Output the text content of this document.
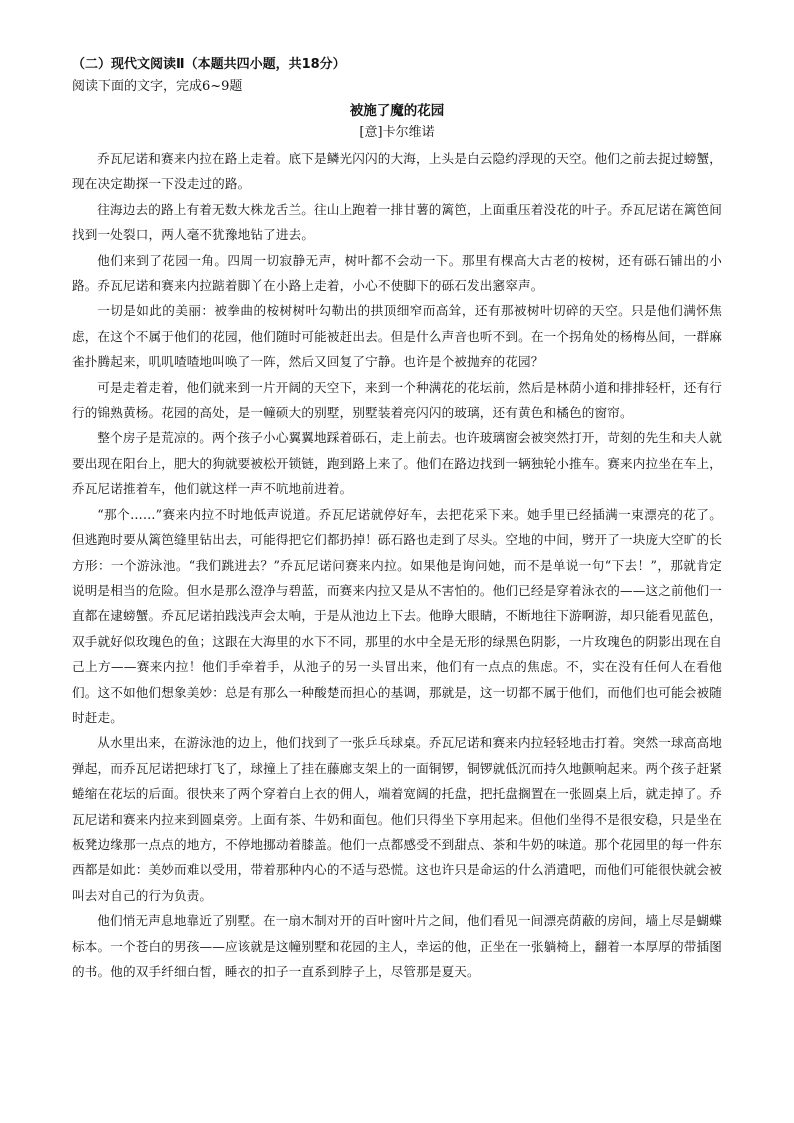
（二）现代文阅读Ⅱ（本题共四小题，共18分）

阅读下面的文字，完成6~9题

被施了魔的花园

[意]卡尔维诺

乔瓦尼诺和赛来内拉在路上走着。底下是鳞光闪闪的大海，上头是白云隐约浮现的天空。他们之前去捉过螃蟹，现在决定勘探一下没走过的路。

往海边去的路上有着无数大株龙舌兰。往山上跑着一排甘薯的篱笆，上面重压着没花的叶子。乔瓦尼诺在篱笆间找到一处裂口，两人毫不犹豫地钻了进去。

他们来到了花园一角。四周一切寂静无声，树叶都不会动一下。那里有棵高大古老的桉树，还有砾石铺出的小路。乔瓦尼诺和赛来内拉踮着脚丫在小路上走着，小心不使脚下的砾石发出窸窣声。

一切是如此的美丽：被拳曲的桉树树叶勾勒出的拱顶细窄而高耸，还有那被树叶切碎的天空。只是他们满怀焦虑，在这个不属于他们的花园，他们随时可能被赶出去。但是什么声音也听不到。在一个拐角处的杨梅丛间，一群麻雀扑腾起来，叽叽喳喳地叫唤了一阵，然后又回复了宁静。也许是个被抛弃的花园？

可是走着走着，他们就来到一片开阔的天空下，来到一个种满花的花坛前，然后是林荫小道和排排轻杆，还有行行的锦熟黄杨。花园的高处，是一幢硕大的别墅，别墅装着亮闪闪的玻璃，还有黄色和橘色的窗帘。

整个房子是荒凉的。两个孩子小心翼翼地踩着砾石，走上前去。也许玻璃窗会被突然打开，苛刻的先生和夫人就要出现在阳台上，肥大的狗就要被松开锁链，跑到路上来了。他们在路边找到一辆独轮小推车。赛来内拉坐在车上，乔瓦尼诺推着车，他们就这样一声不吭地前进着。

“那个……”赛来内拉不时地低声说道。乔瓦尼诺就停好车，去把花采下来。她手里已经插满一束漂亮的花了。但逃跑时要从篱笆缝里钻出去，可能得把它们都扔掉！砾石路也走到了尽头。空地的中间，劈开了一块庞大空旷的长方形：一个游泳池。“我们跳进去？”乔瓦尼诺问赛来内拉。如果他是询问她，而不是单说一句“下去！”，那就肯定说明是相当的危险。但水是那么澄净与碧蓝，而赛来内拉又是从不害怕的。他们已经是穿着泳衣的——这之前他们一直都在逮螃蟹。乔瓦尼诺拍践浅声会太响，于是从池边上下去。他睁大眼睛，不断地往下游啊游，却只能看见蓝色，双手就好似玫瑰色的鱼；这跟在大海里的水下不同，那里的水中全是无形的绿黑色阴影，一片玫瑰色的阴影出现在自己上方——赛来内拉！他们手牵着手，从池子的另一头冒出来，他们有一点点的焦虑。不，实在没有任何人在看他们。这不如他们想象美妙：总是有那么一种酸楚而担心的基调，那就是，这一切都不属于他们，而他们也可能会被随时赶走。

从水里出来，在游泳池的边上，他们找到了一张乒乓球桌。乔瓦尼诺和赛来内拉轻轻地击打着。突然一球高高地弹起，而乔瓦尼诺把球打飞了，球撞上了挂在藤廊支架上的一面铜锣，铜锣就低沉而持久地颤响起来。两个孩子赶紧蜷缩在花坛的后面。很快来了两个穿着白上衣的佣人，端着宽阔的托盘，把托盘搁置在一张圆桌上后，就走掉了。乔瓦尼诺和赛来内拉来到圆桌旁。上面有茶、牛奶和面包。他们只得坐下享用起来。但他们坐得不是很安稳，只是坐在板凳边缘那一点点的地方，不停地挪动着膝盖。他们一点都感受不到甜点、茶和牛奶的味道。那个花园里的每一件东西都是如此：美妙而难以受用，带着那种内心的不适与恐慌。这也许只是命运的什么消遣吧，而他们可能很快就会被叫去对自己的行为负责。

他们悄无声息地靠近了别墅。在一扇木制对开的百叶窗叶片之间，他们看见一间漂亮荫蔽的房间，墙上尽是蝴蝶标本。一个苍白的男孩——应该就是这幢别墅和花园的主人，幸运的他，正坐在一张躺椅上，翻着一本厚厚的带插图的书。他的双手纤细白皙，睡衣的扣子一直系到脖子上，尽管那是夏天。
